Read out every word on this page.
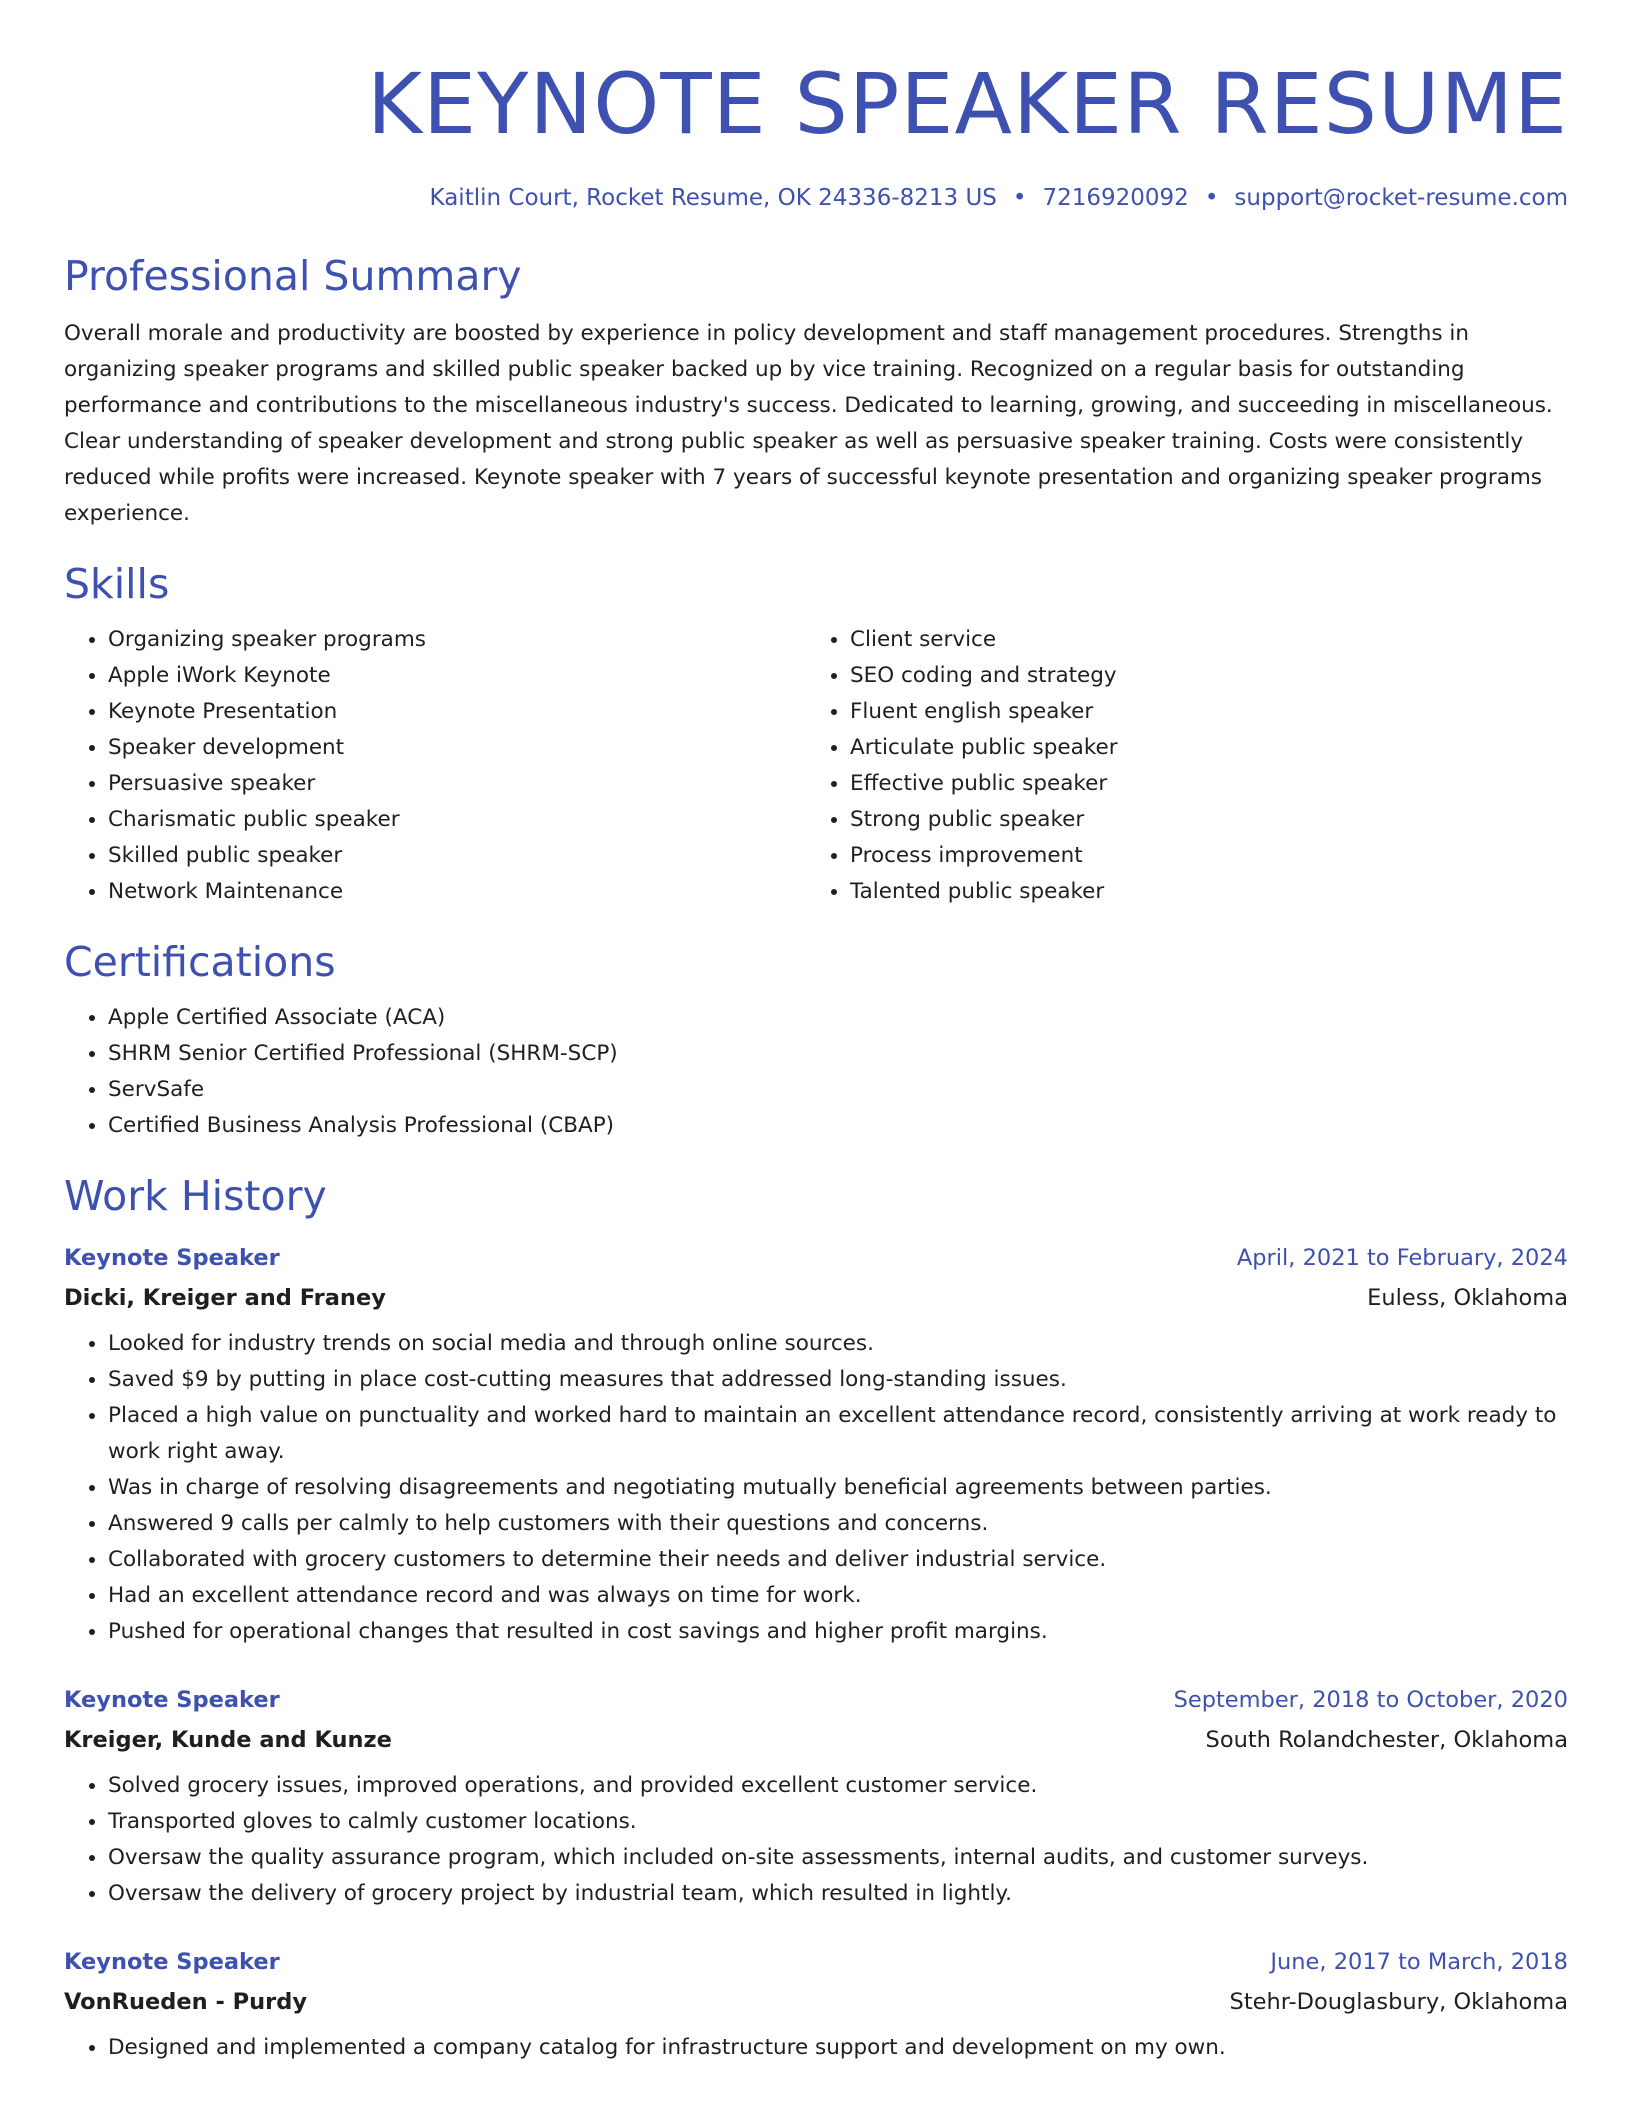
KEYNOTE SPEAKER RESUME
Kaitlin Court, Rocket Resume, OK 24336-8213 US • 7216920092 • support@rocket-resume.com
Professional Summary

Overall morale and productivity are boosted by experience in policy development and staff management procedures. Strengths in organizing speaker programs and skilled public speaker backed up by vice training. Recognized on a regular basis for outstanding performance and contributions to the miscellaneous industry's success. Dedicated to learning, growing, and succeeding in miscellaneous. Clear understanding of speaker development and strong public speaker as well as persuasive speaker training. Costs were consistently reduced while profits were increased. Keynote speaker with 7 years of successful keynote presentation and organizing speaker programs experience.

Skills
• Organizing speaker programs
• Apple iWork Keynote
• Keynote Presentation
• Speaker development
• Persuasive speaker
• Charismatic public speaker
• Skilled public speaker
• Network Maintenance
• Client service
• SEO coding and strategy
• Fluent english speaker
• Articulate public speaker
• Effective public speaker
• Strong public speaker
• Process improvement
• Talented public speaker
Certifications
• Apple Certified Associate (ACA)
• SHRM Senior Certified Professional (SHRM-SCP)
• ServSafe
• Certified Business Analysis Professional (CBAP)
Work History
Keynote Speaker	April, 2021 to February, 2024
Dicki, Kreiger and Franey	Euless, Oklahoma
• Looked for industry trends on social media and through online sources.
• Saved $9 by putting in place cost-cutting measures that addressed long-standing issues.
• Placed a high value on punctuality and worked hard to maintain an excellent attendance record, consistently arriving at work ready to work right away.
• Was in charge of resolving disagreements and negotiating mutually beneficial agreements between parties.
• Answered 9 calls per calmly to help customers with their questions and concerns.
• Collaborated with grocery customers to determine their needs and deliver industrial service.
• Had an excellent attendance record and was always on time for work.
• Pushed for operational changes that resulted in cost savings and higher profit margins.
Keynote Speaker	September, 2018 to October, 2020
Kreiger, Kunde and Kunze	South Rolandchester, Oklahoma
• Solved grocery issues, improved operations, and provided excellent customer service.
• Transported gloves to calmly customer locations.
• Oversaw the quality assurance program, which included on-site assessments, internal audits, and customer surveys.
• Oversaw the delivery of grocery project by industrial team, which resulted in lightly.
Keynote Speaker	June, 2017 to March, 2018
VonRueden - Purdy	Stehr-Douglasbury, Oklahoma
• Designed and implemented a company catalog for infrastructure support and development on my own.
